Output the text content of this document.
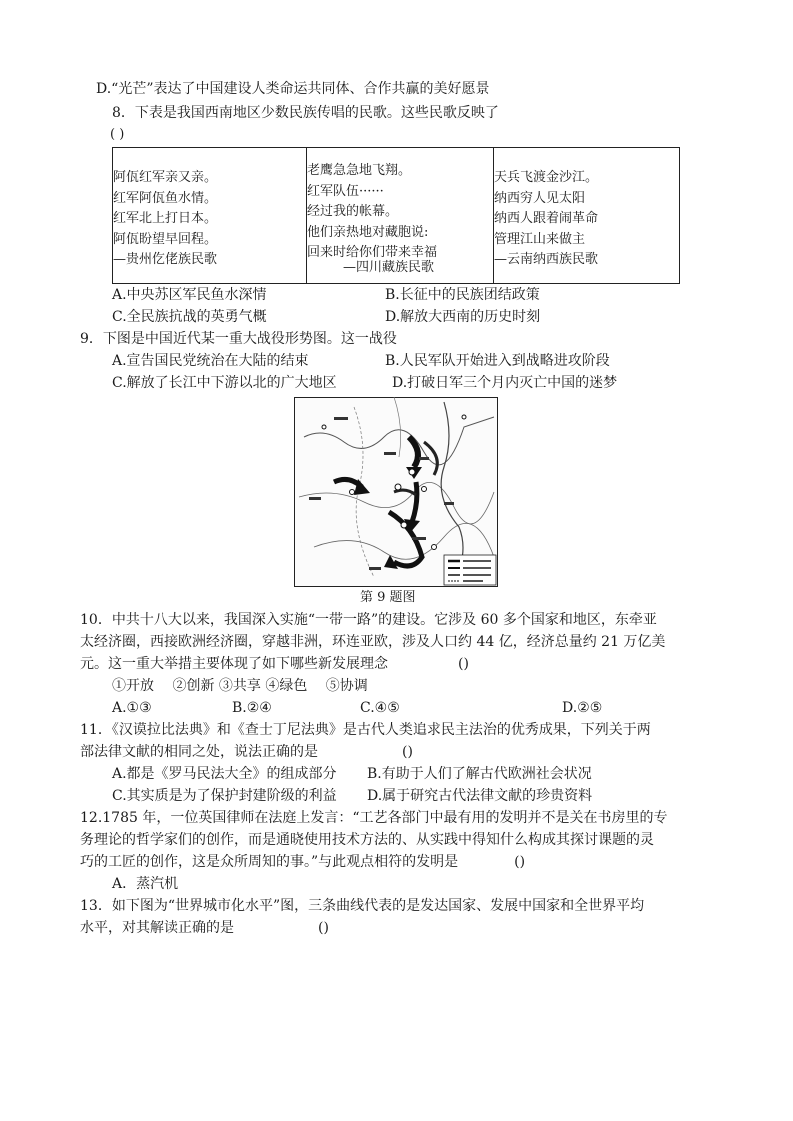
D.“光芒”表达了中国建设人类命运共同体、合作共赢的美好愿景
8．下表是我国西南地区少数民族传唱的民歌。这些民歌反映了
( )
阿佤红军亲又亲。
红军阿佤鱼水情。
红军北上打日本。
阿佤盼望早回程。
—贵州仡佬族民歌
老鹰急急地飞翔。
红军队伍······
经过我的帐幕。
他们亲热地对藏胞说:
回来时给你们带来幸福
—四川藏族民歌
天兵飞渡金沙江。
纳西穷人见太阳
纳西人跟着闹革命
管理江山来做主
—云南纳西族民歌
A.中央苏区军民鱼水深情	B.长征中的民族团结政策
C.全民族抗战的英勇气概	D.解放大西南的历史时刻
9．下图是中国近代某一重大战役形势图。这一战役
A.宣告国民党统治在大陆的结束	B.人民军队开始进入到战略进攻阶段
C.解放了长江中下游以北的广大地区	D.打破日军三个月内灭亡中国的迷梦
第 9 题图
10．中共十八大以来，我国深入实施“一带一路”的建设。它涉及 60 多个国家和地区，东牵亚
太经济圈，西接欧洲经济圈，穿越非洲，环连亚欧，涉及人口约 44 亿，经济总量约 21 万亿美
元。这一重大举措主要体现了如下哪些新发展理念　　　　　()
①开放　 ②创新 ③共享 ④绿色　 ⑤协调
A.①③	B.②④	C.④⑤	D.②⑤
11．《汉谟拉比法典》和《查士丁尼法典》是古代人类追求民主法治的优秀成果，下列关于两
部法律文献的相同之处，说法正确的是　　　　　　()
A.都是《罗马民法大全》的组成部分 B.有助于人们了解古代欧洲社会状况
C.其实质是为了保护封建阶级的利益 D.属于研究古代法律文献的珍贵资料
12.1785 年，一位英国律师在法庭上发言：“工艺各部门中最有用的发明并不是关在书房里的专
务理论的哲学家们的创作，而是通晓使用技术方法的、从实践中得知什么构成其探讨课题的灵
巧的工匠的创作，这是众所周知的事。”与此观点相符的发明是　　　　()
A．蒸汽机
13．如下图为“世界城市化水平”图，三条曲线代表的是发达国家、发展中国家和全世界平均
水平，对其解读正确的是　　　　　　()
